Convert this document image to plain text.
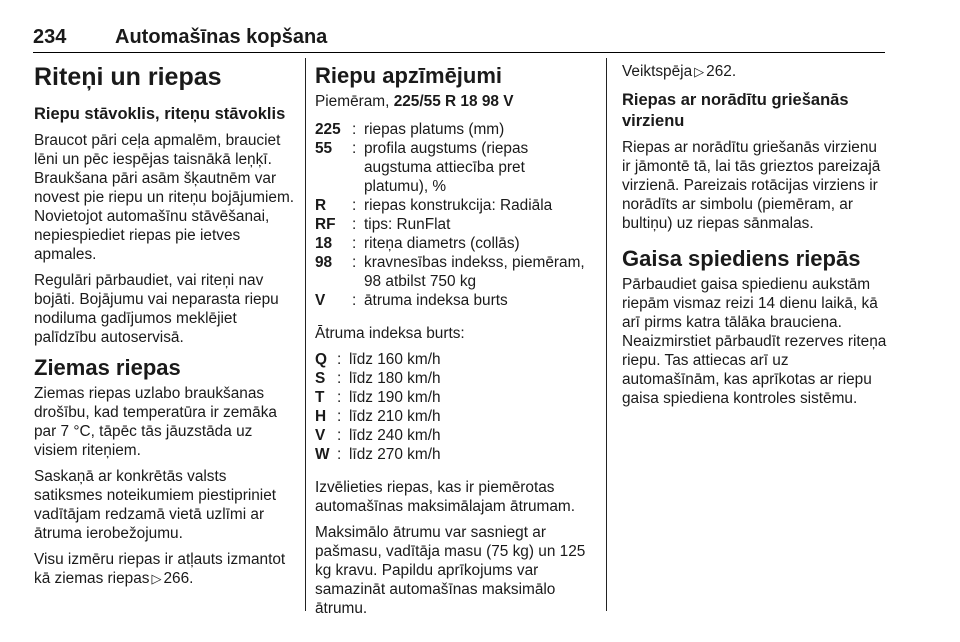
234 Automašīnas kopšana
Riteņi un riepas
Riepu stāvoklis, riteņu stāvoklis

Braucot pāri ceļa apmalēm, brauciet lēni un pēc iespējas taisnākā leņķī. Braukšana pāri asām šķautnēm var novest pie riepu un riteņu bojājumiem. Novietojot automašīnu stāvēšanai, nepiespiediet riepas pie ietves apmales.

Regulāri pārbaudiet, vai riteņi nav bojāti. Bojājumu vai neparasta riepu nodiluma gadījumos meklējiet palīdzību autoservisā.

Ziemas riepas

Ziemas riepas uzlabo braukšanas drošību, kad temperatūra ir zemāka par 7 °C, tāpēc tās jāuzstāda uz visiem riteņiem.

Saskaņā ar konkrētās valsts satiksmes noteikumiem piestipriniet vadītājam redzamā vietā uzlīmi ar ātruma ierobežojumu.

Visu izmēru riepas ir atļauts izmantot kā ziemas riepas ▷ 266.

Riepu apzīmējumi
Piemēram, 225/55 R 18 98 V
225 : riepas platums (mm)
55	: profila augstums (riepas augstuma attiecība pret platumu), %
R	: riepas konstrukcija: Radiāla
RF	: tips: RunFlat
18	: riteņa diametrs (collās)
98	: kravnesības indekss, piemēram, 98 atbilst 750 kg
V	: ātruma indeksa burts

Ātruma indeksa burts:

Q : līdz 160 km/h
S : līdz 180 km/h
T : līdz 190 km/h
H : līdz 210 km/h
V : līdz 240 km/h
W : līdz 270 km/h

Izvēlieties riepas, kas ir piemērotas automašīnas maksimālajam ātrumam.

Maksimālo ātrumu var sasniegt ar pašmasu, vadītāja masu (75 kg) un 125 kg kravu. Papildu aprīkojums var samazināt automašīnas maksimālo ātrumu.

Veiktspēja ▷ 262.

Riepas ar norādītu griešanās virzienu

Riepas ar norādītu griešanās virzienu ir jāmontē tā, lai tās grieztos pareizajā virzienā. Pareizais rotācijas virziens ir norādīts ar simbolu (piemēram, ar bultiņu) uz riepas sānmalas.

Gaisa spiediens riepās

Pārbaudiet gaisa spiedienu aukstām riepām vismaz reizi 14 dienu laikā, kā arī pirms katra tālāka brauciena. Neaizmirstiet pārbaudīt rezerves riteņa riepu. Tas attiecas arī uz automašīnām, kas aprīkotas ar riepu gaisa spiediena kontroles sistēmu.
